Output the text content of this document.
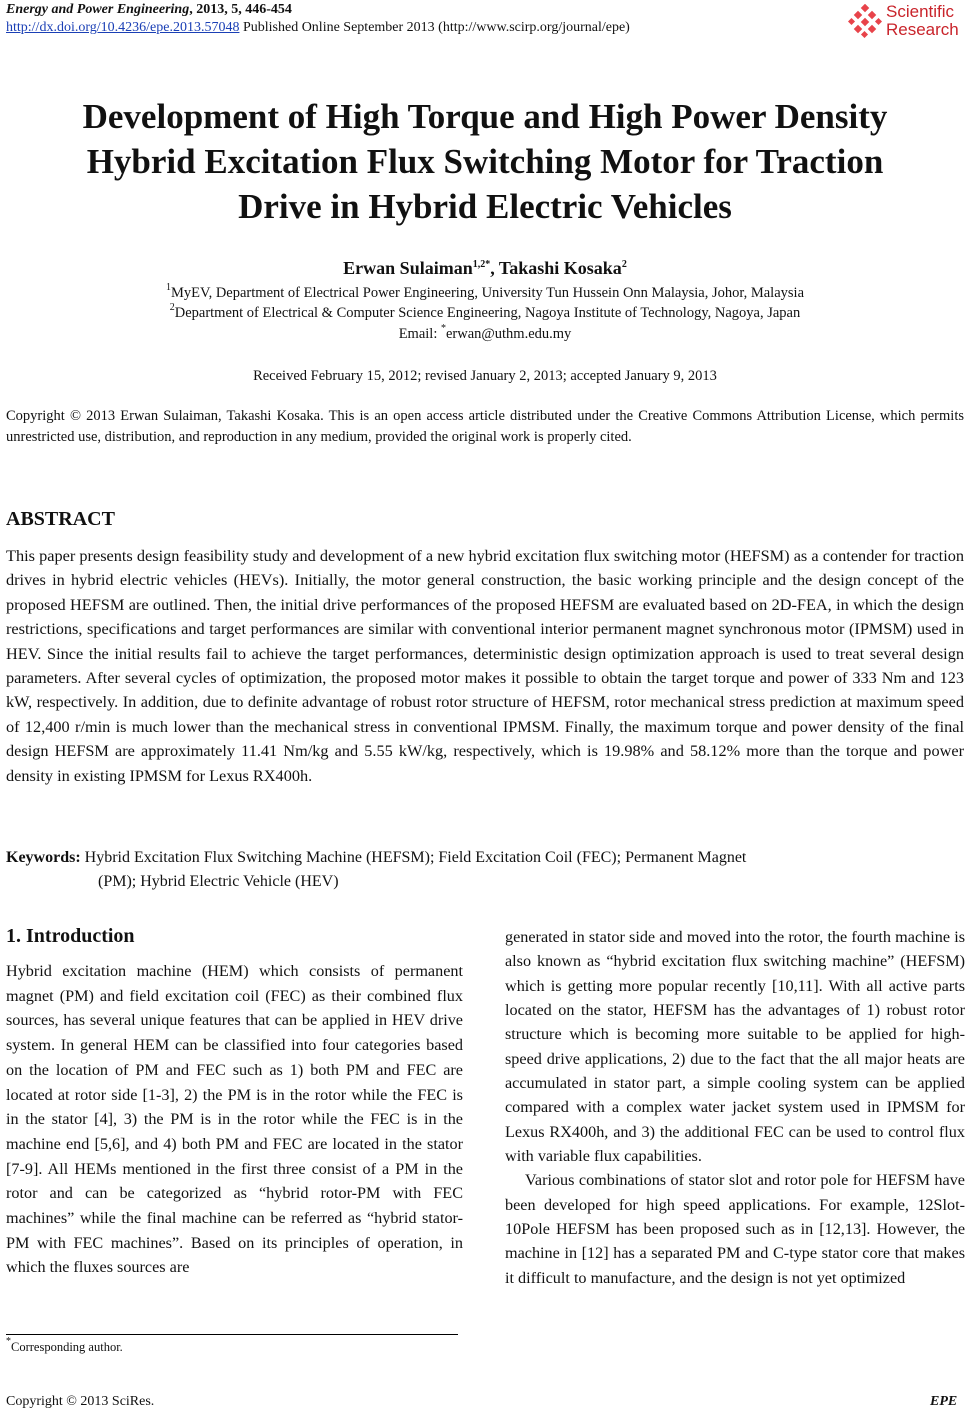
Energy and Power Engineering, 2013, 5, 446-454
http://dx.doi.org/10.4236/epe.2013.57048 Published Online September 2013 (http://www.scirp.org/journal/epe)
Scientific
Research
Development of High Torque and High Power Density
Hybrid Excitation Flux Switching Motor for Traction
Drive in Hybrid Electric Vehicles
Erwan Sulaiman$^{1,2*}$, Takashi Kosaka$^2$
$^1$MyEV, Department of Electrical Power Engineering, University Tun Hussein Onn Malaysia, Johor, Malaysia
$^2$Department of Electrical & Computer Science Engineering, Nagoya Institute of Technology, Nagoya, Japan
Email: *erwan@uthm.edu.my
Received February 15, 2012; revised January 2, 2013; accepted January 9, 2013
Copyright © 2013 Erwan Sulaiman, Takashi Kosaka. This is an open access article distributed under the Creative Commons Attribution License, which permits unrestricted use, distribution, and reproduction in any medium, provided the original work is properly cited.
ABSTRACT
This paper presents design feasibility study and development of a new hybrid excitation flux switching motor (HEFSM) as a contender for traction drives in hybrid electric vehicles (HEVs). Initially, the motor general construction, the basic working principle and the design concept of the proposed HEFSM are outlined. Then, the initial drive performances of the proposed HEFSM are evaluated based on 2D-FEA, in which the design restrictions, specifications and target performances are similar with conventional interior permanent magnet synchronous motor (IPMSM) used in HEV. Since the initial results fail to achieve the target performances, deterministic design optimization approach is used to treat several design parameters. After several cycles of optimization, the proposed motor makes it possible to obtain the target torque and power of 333 Nm and 123 kW, respectively. In addition, due to definite advantage of robust rotor structure of HEFSM, rotor mechanical stress prediction at maximum speed of 12,400 r/min is much lower than the mechanical stress in conventional IPMSM. Finally, the maximum torque and power density of the final design HEFSM are approximately 11.41 Nm/kg and 5.55 kW/kg, respectively, which is 19.98% and 58.12% more than the torque and power density in existing IPMSM for Lexus RX400h.
Keywords: Hybrid Excitation Flux Switching Machine (HEFSM); Field Excitation Coil (FEC); Permanent Magnet
(PM); Hybrid Electric Vehicle (HEV)
1. Introduction

Hybrid excitation machine (HEM) which consists of permanent magnet (PM) and field excitation coil (FEC) as their combined flux sources, has several unique features that can be applied in HEV drive system. In general HEM can be classified into four categories based on the location of PM and FEC such as 1) both PM and FEC are located at rotor side [1-3], 2) the PM is in the rotor while the FEC is in the stator [4], 3) the PM is in the rotor while the FEC is in the machine end [5,6], and 4) both PM and FEC are located in the stator [7-9]. All HEMs mentioned in the first three consist of a PM in the rotor and can be categorized as “hybrid rotor-PM with FEC machines” while the final machine can be referred as “hybrid stator-PM with FEC machines”. Based on its principles of operation, in which the fluxes sources are

generated in stator side and moved into the rotor, the fourth machine is also known as “hybrid excitation flux switching machine” (HEFSM) which is getting more popular recently [10,11]. With all active parts located on the stator, HEFSM has the advantages of 1) robust rotor structure which is becoming more suitable to be applied for high-speed drive applications, 2) due to the fact that the all major heats are accumulated in stator part, a simple cooling system can be applied compared with a complex water jacket system used in IPMSM for Lexus RX400h, and 3) the additional FEC can be used to control flux with variable flux capabilities.

Various combinations of stator slot and rotor pole for HEFSM have been developed for high speed applications. For example, 12Slot-10Pole HEFSM has been proposed such as in [12,13]. However, the machine in [12] has a separated PM and C-type stator core that makes it difficult to manufacture, and the design is not yet optimized

*Corresponding author.
Copyright © 2013 SciRes.	EPE
